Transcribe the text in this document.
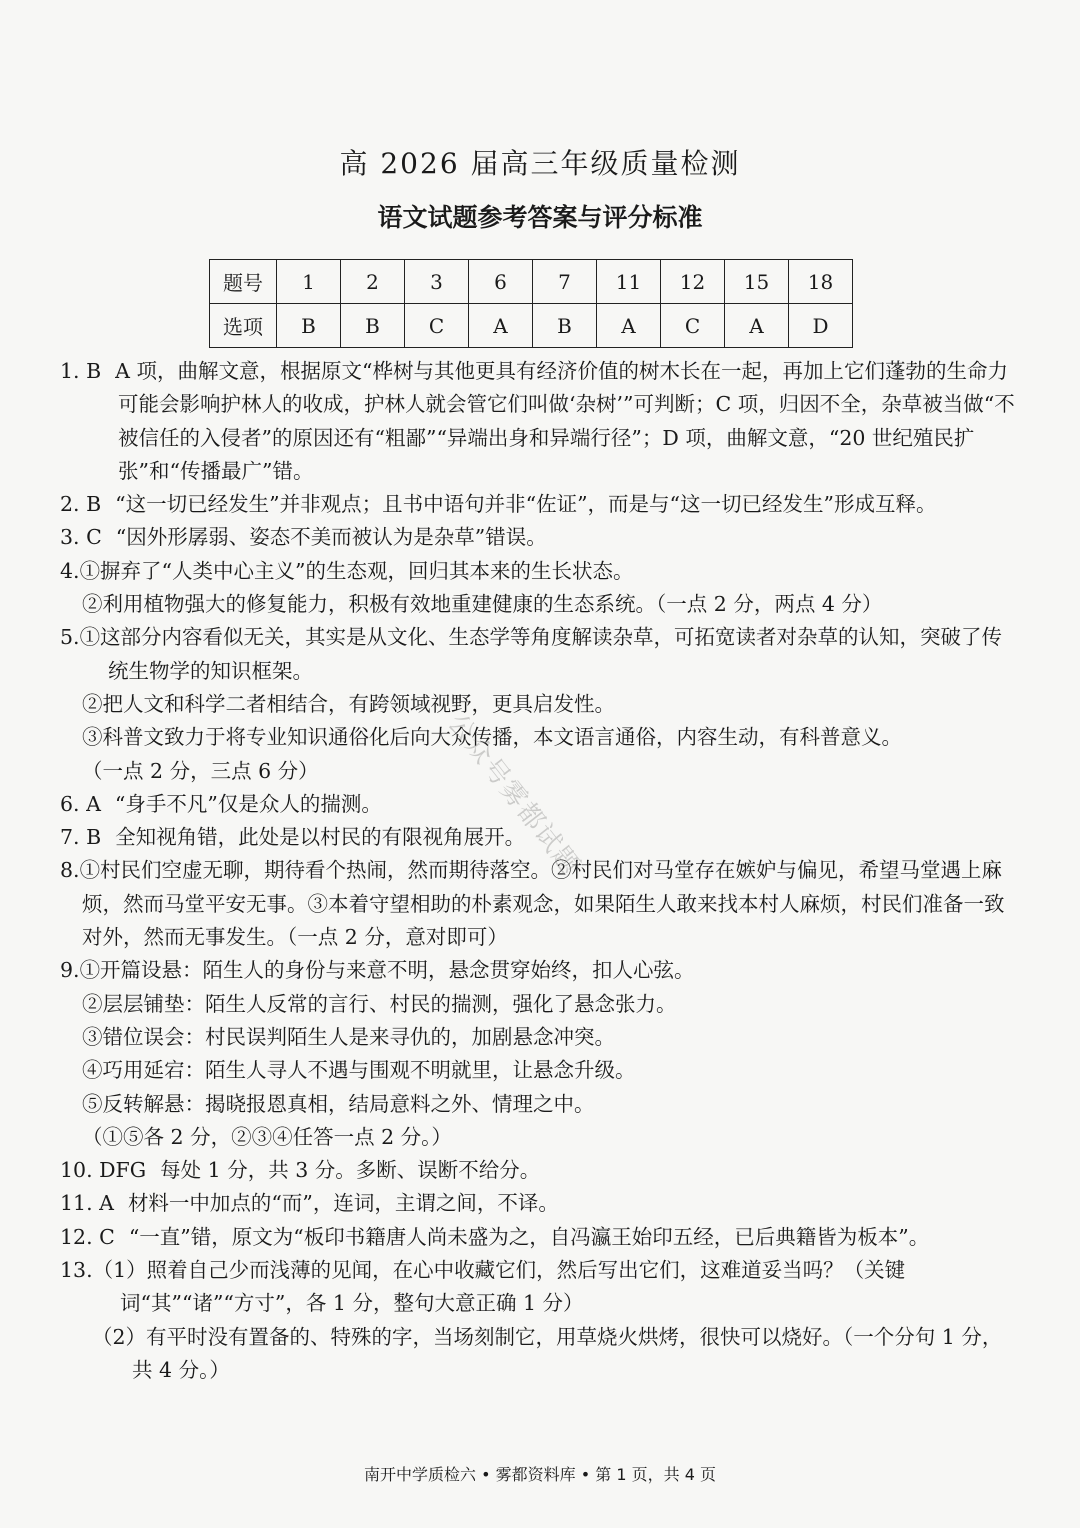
高 2026 届高三年级质量检测
语文试题参考答案与评分标准
题号	1	2	3	6	7	11	12	15	18
选项	B	B	C	A	B	A	C	A	D
1. B A 项，曲解文意，根据原文“桦树与其他更具有经济价值的树木长在一起，再加上它们蓬勃的生命力可能会影响护林人的收成，护林人就会管它们叫做‘杂树’”可判断；C 项，归因不全，杂草被当做“不被信任的入侵者”的原因还有“粗鄙”“异端出身和异端行径”；D 项，曲解文意，“20 世纪殖民扩张”和“传播最广”错。
2. B “这一切已经发生”并非观点；且书中语句并非“佐证”，而是与“这一切已经发生”形成互释。
3. C “因外形孱弱、姿态不美而被认为是杂草”错误。
4.①摒弃了“人类中心主义”的生态观，回归其本来的生长状态。
②利用植物强大的修复能力，积极有效地重建健康的生态系统。（一点 2 分，两点 4 分）
5.①这部分内容看似无关，其实是从文化、生态学等角度解读杂草，可拓宽读者对杂草的认知，突破了传统生物学的知识框架。
②把人文和科学二者相结合，有跨领域视野，更具启发性。
③科普文致力于将专业知识通俗化后向大众传播，本文语言通俗，内容生动，有科普意义。
（一点 2 分，三点 6 分）
6. A “身手不凡”仅是众人的揣测。
7. B 全知视角错，此处是以村民的有限视角展开。
8.①村民们空虚无聊，期待看个热闹，然而期待落空。②村民们对马堂存在嫉妒与偏见，希望马堂遇上麻烦，然而马堂平安无事。③本着守望相助的朴素观念，如果陌生人敢来找本村人麻烦，村民们准备一致对外，然而无事发生。（一点 2 分，意对即可）
9.①开篇设悬：陌生人的身份与来意不明，悬念贯穿始终，扣人心弦。
②层层铺垫：陌生人反常的言行、村民的揣测，强化了悬念张力。
③错位误会：村民误判陌生人是来寻仇的，加剧悬念冲突。
④巧用延宕：陌生人寻人不遇与围观不明就里，让悬念升级。
⑤反转解悬：揭晓报恩真相，结局意料之外、情理之中。
（①⑤各 2 分，②③④任答一点 2 分。）
10. DFG 每处 1 分，共 3 分。多断、误断不给分。
11. A 材料一中加点的“而”，连词，主谓之间，不译。
12. C “一直”错，原文为“板印书籍唐人尚未盛为之，自冯瀛王始印五经，已后典籍皆为板本”。
13.（1）照着自己少而浅薄的见闻，在心中收藏它们，然后写出它们，这难道妥当吗？（关键词“其”“诸”“方寸”，各 1 分，整句大意正确 1 分）
（2）有平时没有置备的、特殊的字，当场刻制它，用草烧火烘烤，很快可以烧好。（一个分句 1 分，共 4 分。）
公众号雾都试题
南开中学质检六 • 雾都资料库 • 第 1 页，共 4 页
